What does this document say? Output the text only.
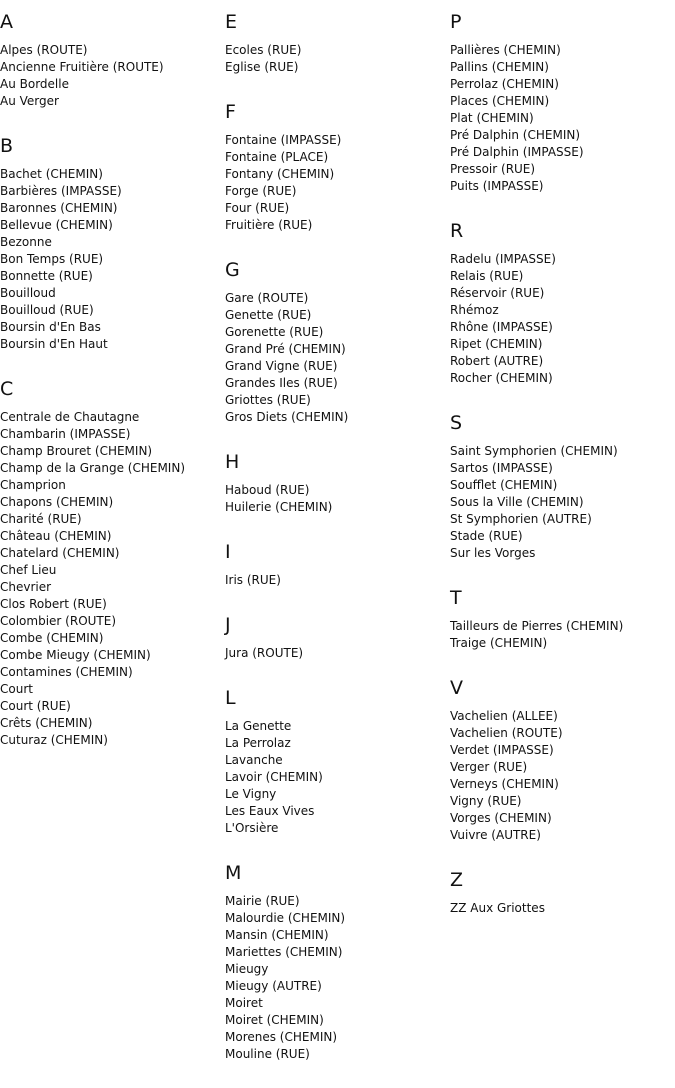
A
Alpes (ROUTE)
Ancienne Fruitière (ROUTE)
Au Bordelle
Au Verger
B
Bachet (CHEMIN)
Barbières (IMPASSE)
Baronnes (CHEMIN)
Bellevue (CHEMIN)
Bezonne
Bon Temps (RUE)
Bonnette (RUE)
Bouilloud
Bouilloud (RUE)
Boursin d'En Bas
Boursin d'En Haut
C
Centrale de Chautagne
Chambarin (IMPASSE)
Champ Brouret (CHEMIN)
Champ de la Grange (CHEMIN)
Champrion
Chapons (CHEMIN)
Charité (RUE)
Château (CHEMIN)
Chatelard (CHEMIN)
Chef Lieu
Chevrier
Clos Robert (RUE)
Colombier (ROUTE)
Combe (CHEMIN)
Combe Mieugy (CHEMIN)
Contamines (CHEMIN)
Court
Court (RUE)
Crêts (CHEMIN)
Cuturaz (CHEMIN)
E
Ecoles (RUE)
Eglise (RUE)
F
Fontaine (IMPASSE)
Fontaine (PLACE)
Fontany (CHEMIN)
Forge (RUE)
Four (RUE)
Fruitière (RUE)
G
Gare (ROUTE)
Genette (RUE)
Gorenette (RUE)
Grand Pré (CHEMIN)
Grand Vigne (RUE)
Grandes Iles (RUE)
Griottes (RUE)
Gros Diets (CHEMIN)
H
Haboud (RUE)
Huilerie (CHEMIN)
I
Iris (RUE)
J
Jura (ROUTE)
L
La Genette
La Perrolaz
Lavanche
Lavoir (CHEMIN)
Le Vigny
Les Eaux Vives
L'Orsière
M
Mairie (RUE)
Malourdie (CHEMIN)
Mansin (CHEMIN)
Mariettes (CHEMIN)
Mieugy
Mieugy (AUTRE)
Moiret
Moiret (CHEMIN)
Morenes (CHEMIN)
Mouline (RUE)
P
Pallières (CHEMIN)
Pallins (CHEMIN)
Perrolaz (CHEMIN)
Places (CHEMIN)
Plat (CHEMIN)
Pré Dalphin (CHEMIN)
Pré Dalphin (IMPASSE)
Pressoir (RUE)
Puits (IMPASSE)
R
Radelu (IMPASSE)
Relais (RUE)
Réservoir (RUE)
Rhémoz
Rhône (IMPASSE)
Ripet (CHEMIN)
Robert (AUTRE)
Rocher (CHEMIN)
S
Saint Symphorien (CHEMIN)
Sartos (IMPASSE)
Soufflet (CHEMIN)
Sous la Ville (CHEMIN)
St Symphorien (AUTRE)
Stade (RUE)
Sur les Vorges
T
Tailleurs de Pierres (CHEMIN)
Traige (CHEMIN)
V
Vachelien (ALLEE)
Vachelien (ROUTE)
Verdet (IMPASSE)
Verger (RUE)
Verneys (CHEMIN)
Vigny (RUE)
Vorges (CHEMIN)
Vuivre (AUTRE)
Z
ZZ Aux Griottes
